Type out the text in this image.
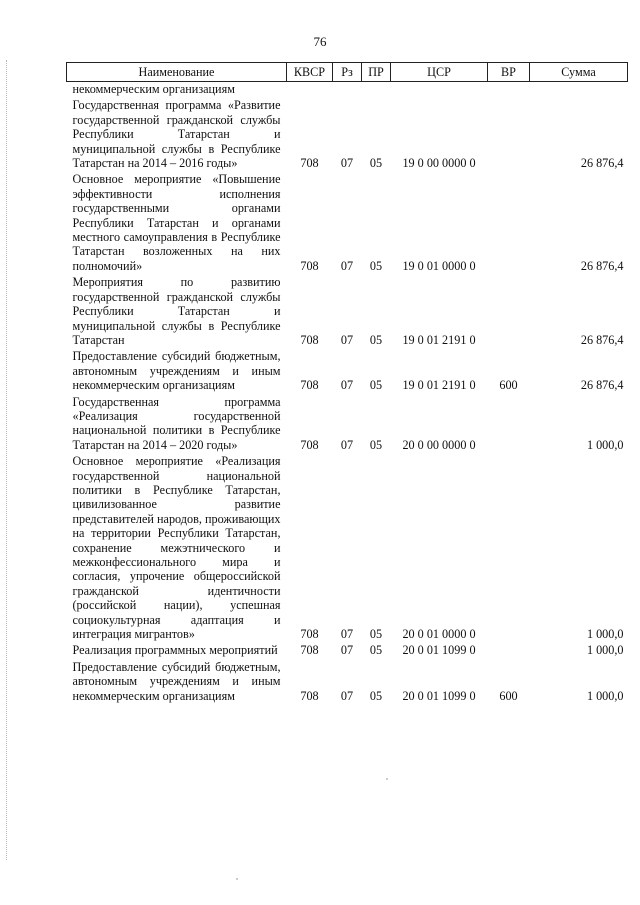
76
Наименование	КВСР	Рз	ПР	ЦСР	ВР	Сумма
некоммерческим организациям						
Государственная программа «Развитие государственной гражданской службы Республики Татарстан и муниципальной службы в Республике Татарстан на 2014 – 2016 годы»	708	07	05	19 0 00 0000 0		26 876,4
Основное мероприятие «Повышение эффективности исполнения государственными органами Республики Татарстан и органами местного самоуправления в Республике Татарстан возложенных на них полномочий»	708	07	05	19 0 01 0000 0		26 876,4
Мероприятия по развитию государственной гражданской службы Республики Татарстан и муниципальной службы в Республике Татарстан	708	07	05	19 0 01 2191 0		26 876,4
Предоставление субсидий бюджетным, автономным учреждениям и иным некоммерческим организациям	708	07	05	19 0 01 2191 0	600	26 876,4
Государственная программа «Реализация государственной национальной политики в Республике Татарстан на 2014 – 2020 годы»	708	07	05	20 0 00 0000 0		1 000,0
Основное мероприятие «Реализация государственной национальной политики в Республике Татарстан, цивилизованное развитие представителей народов, проживающих на территории Республики Татарстан, сохранение межэтнического и межконфессионального мира и согласия, упрочение общероссийской гражданской идентичности (российской нации), успешная социокультурная адаптация и интеграция мигрантов»	708	07	05	20 0 01 0000 0		1 000,0
Реализация программных мероприятий	708	07	05	20 0 01 1099 0		1 000,0
Предоставление субсидий бюджетным, автономным учреждениям и иным некоммерческим организациям	708	07	05	20 0 01 1099 0	600	1 000,0
